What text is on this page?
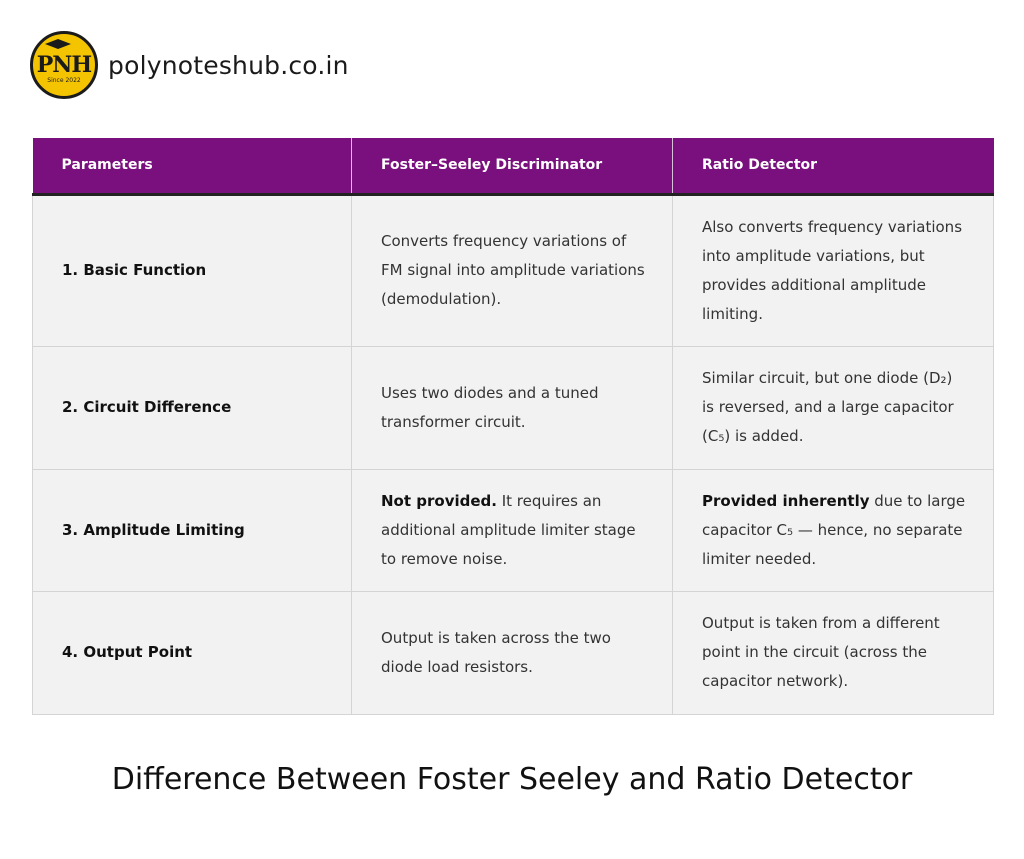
PNH
Since 2022
polynoteshub.co.in
Parameters	Foster–Seeley Discriminator	Ratio Detector
1. Basic Function	Converts frequency variations of FM signal into amplitude variations (demodulation).	Also converts frequency variations into amplitude variations, but provides additional amplitude limiting.
2. Circuit Difference	Uses two diodes and a tuned transformer circuit.	Similar circuit, but one diode (D₂) is reversed, and a large capacitor (C₅) is added.
3. Amplitude Limiting	Not provided. It requires an additional amplitude limiter stage to remove noise.	Provided inherently due to large capacitor C₅ — hence, no separate limiter needed.
4. Output Point	Output is taken across the two diode load resistors.	Output is taken from a different point in the circuit (across the capacitor network).
Difference Between Foster Seeley and Ratio Detector
